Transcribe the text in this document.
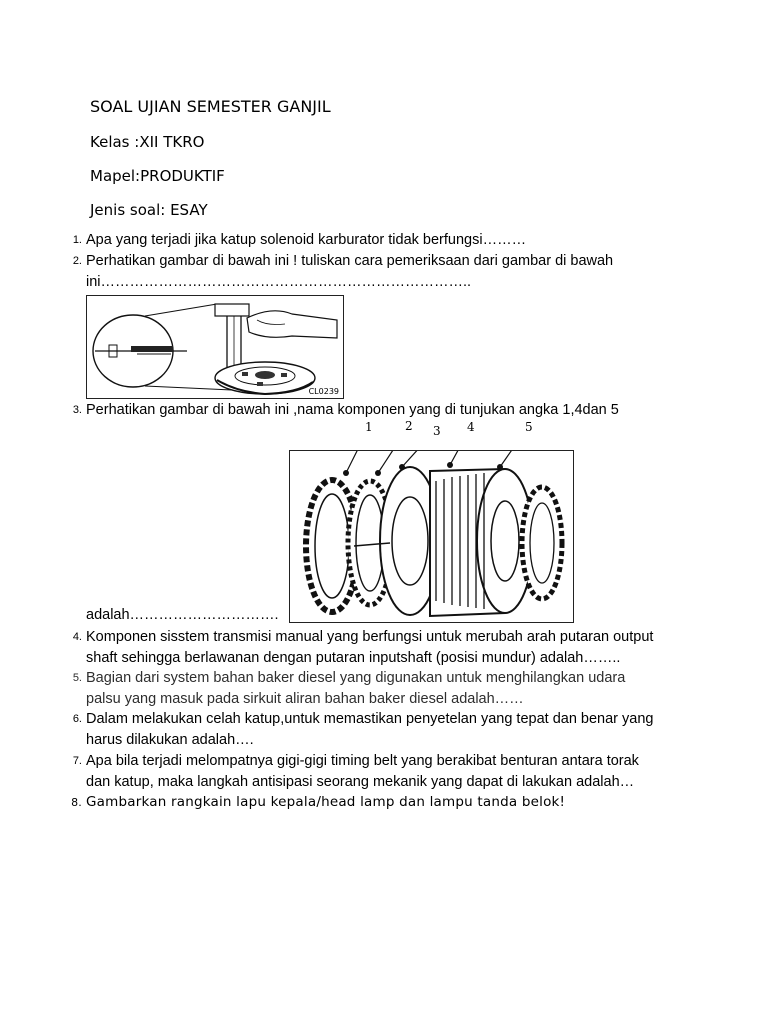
SOAL UJIAN SEMESTER GANJIL
Kelas :XII TKRO
Mapel:PRODUKTIF
Jenis soal: ESAY
1. Apa yang terjadi jika katup solenoid karburator tidak berfungsi………
2. Perhatikan gambar di bawah ini ! tuliskan cara pemeriksaan dari gambar di bawah
ini…………………………………………………………………..
CL0239
3. Perhatikan gambar di bawah ini ,nama komponen yang di tunjukan angka 1,4dan 5
1	2 3 4	5
adalah………………………….
4. Komponen sisstem transmisi manual yang berfungsi untuk merubah arah putaran output
shaft sehingga berlawanan dengan putaran inputshaft (posisi mundur) adalah……..
5. Bagian dari system bahan baker diesel yang digunakan untuk menghilangkan udara
palsu yang masuk pada sirkuit aliran bahan baker diesel adalah……
6. Dalam melakukan celah katup,untuk memastikan penyetelan yang tepat dan benar yang
harus dilakukan adalah….
7. Apa bila terjadi melompatnya gigi-gigi timing belt yang berakibat benturan antara torak
dan katup, maka langkah antisipasi seorang mekanik yang dapat di lakukan adalah…
8. Gambarkan rangkain lapu kepala/head lamp dan lampu tanda belok!
